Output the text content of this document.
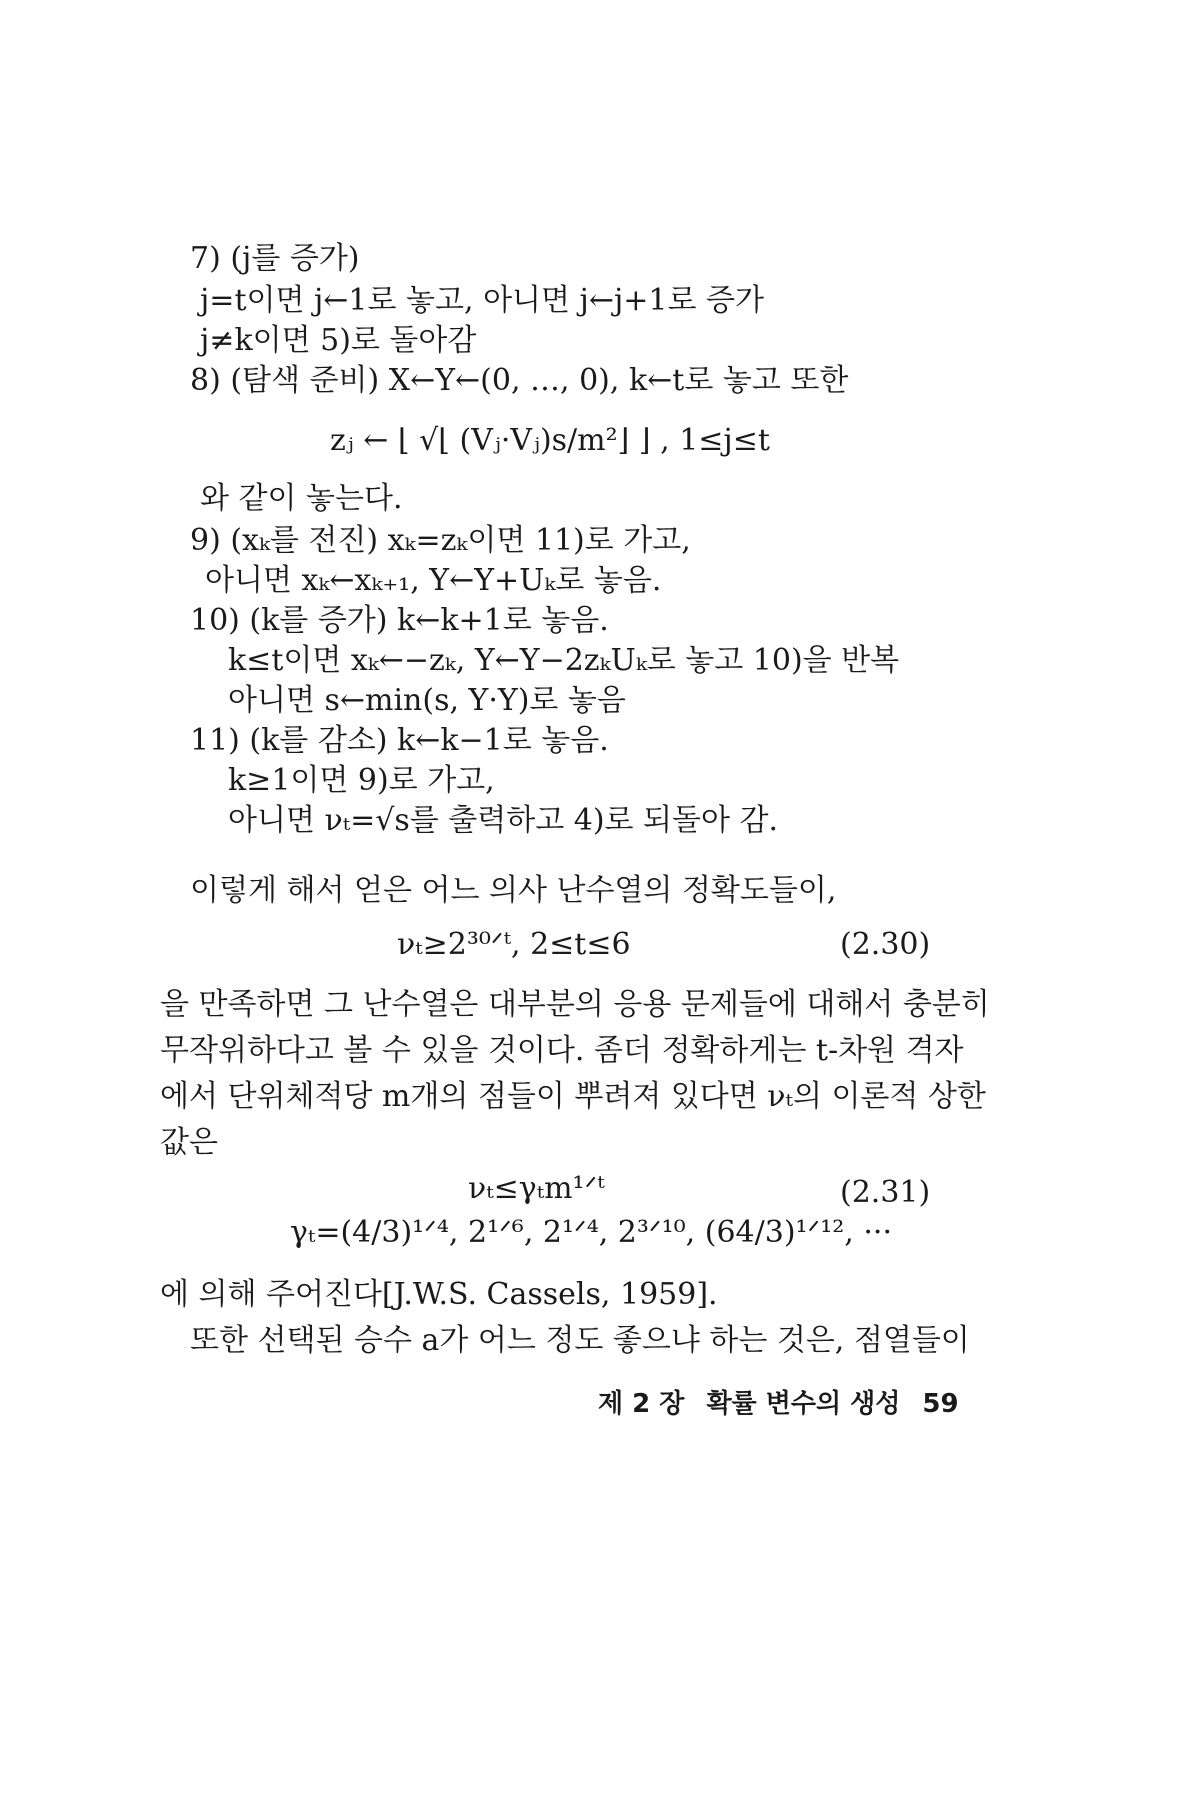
7) (j를 증가)
j=t이면 j←1로 놓고, 아니면 j←j+1로 증가
j≠k이면 5)로 돌아감
8) (탐색 준비) X←Y←(0, …, 0), k←t로 놓고 또한
zⱼ ← ⌊ √⌊ (Vⱼ·Vⱼ)s/m²⌋ ⌋ , 1≤j≤t
와 같이 놓는다.
9) (xₖ를 전진) xₖ=zₖ이면 11)로 가고,
아니면 xₖ←xₖ₊₁, Y←Y+Uₖ로 놓음.
10) (k를 증가) k←k+1로 놓음.
k≤t이면 xₖ←−zₖ, Y←Y−2zₖUₖ로 놓고 10)을 반복
아니면 s←min(s, Y·Y)로 놓음
11) (k를 감소) k←k−1로 놓음.
k≥1이면 9)로 가고,
아니면 νₜ=√s를 출력하고 4)로 되돌아 감.
이렇게 해서 얻은 어느 의사 난수열의 정확도들이,
νₜ≥2³⁰ᐟᵗ, 2≤t≤6	(2.30)
을 만족하면 그 난수열은 대부분의 응용 문제들에 대해서 충분히
무작위하다고 볼 수 있을 것이다. 좀더 정확하게는 t-차원 격자
에서 단위체적당 m개의 점들이 뿌려져 있다면 νₜ의 이론적 상한
값은
νₜ≤γₜm¹ᐟᵗ	(2.31)
γₜ=(4/3)¹ᐟ⁴, 2¹ᐟ⁶, 2¹ᐟ⁴, 2³ᐟ¹⁰, (64/3)¹ᐟ¹², ···
에 의해 주어진다[J.W.S. Cassels, 1959].
또한 선택된 승수 a가 어느 정도 좋으냐 하는 것은, 점열들이
제 2 장 확률 변수의 생성 59
